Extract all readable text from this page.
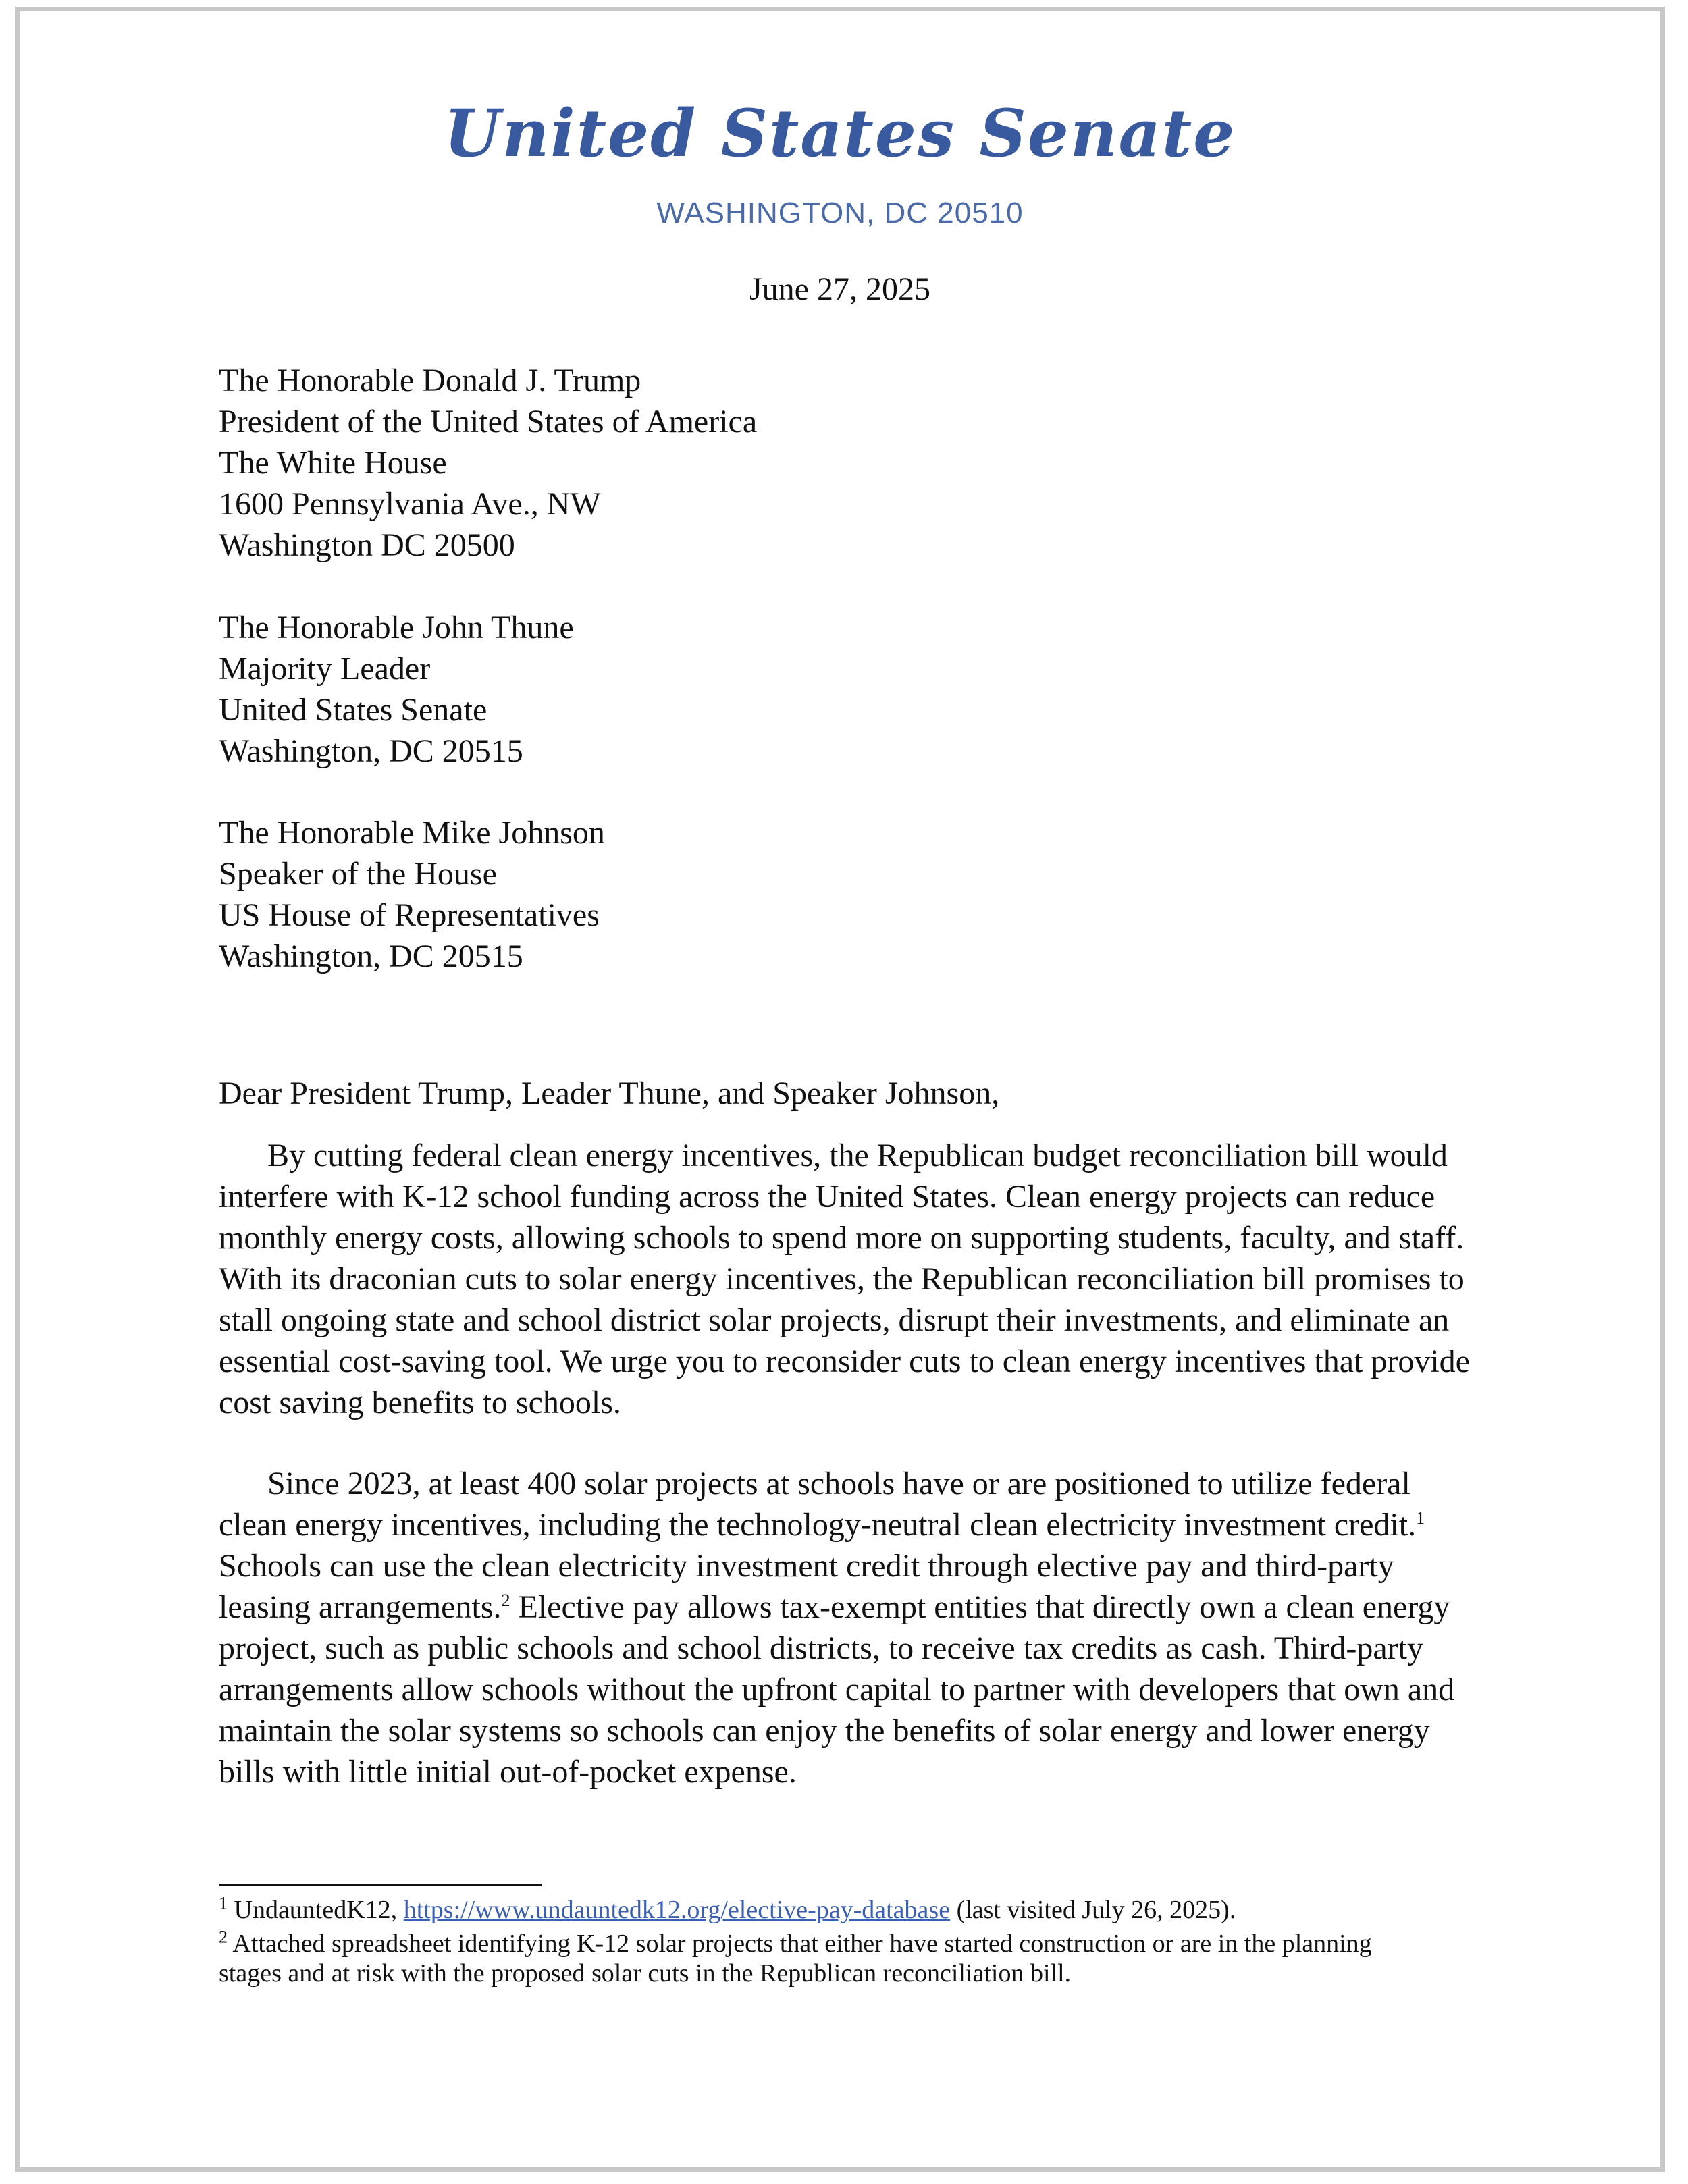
United States Senate
WASHINGTON, DC 20510
June 27, 2025
The Honorable Donald J. Trump
President of the United States of America
The White House
1600 Pennsylvania Ave., NW
Washington DC 20500
The Honorable John Thune
Majority Leader
United States Senate
Washington, DC 20515
The Honorable Mike Johnson
Speaker of the House
US House of Representatives
Washington, DC 20515
Dear President Trump, Leader Thune, and Speaker Johnson,
By cutting federal clean energy incentives, the Republican budget reconciliation bill would
interfere with K-12 school funding across the United States. Clean energy projects can reduce
monthly energy costs, allowing schools to spend more on supporting students, faculty, and staff.
With its draconian cuts to solar energy incentives, the Republican reconciliation bill promises to
stall ongoing state and school district solar projects, disrupt their investments, and eliminate an
essential cost-saving tool. We urge you to reconsider cuts to clean energy incentives that provide
cost saving benefits to schools.
Since 2023, at least 400 solar projects at schools have or are positioned to utilize federal
clean energy incentives, including the technology-neutral clean electricity investment credit.$^1$
Schools can use the clean electricity investment credit through elective pay and third-party
leasing arrangements.$^2$ Elective pay allows tax-exempt entities that directly own a clean energy
project, such as public schools and school districts, to receive tax credits as cash. Third-party
arrangements allow schools without the upfront capital to partner with developers that own and
maintain the solar systems so schools can enjoy the benefits of solar energy and lower energy
bills with little initial out-of-pocket expense.
$^1$ UndauntedK12, https://www.undauntedk12.org/elective-pay-database (last visited July 26, 2025).
$^2$ Attached spreadsheet identifying K-12 solar projects that either have started construction or are in the planning
stages and at risk with the proposed solar cuts in the Republican reconciliation bill.
